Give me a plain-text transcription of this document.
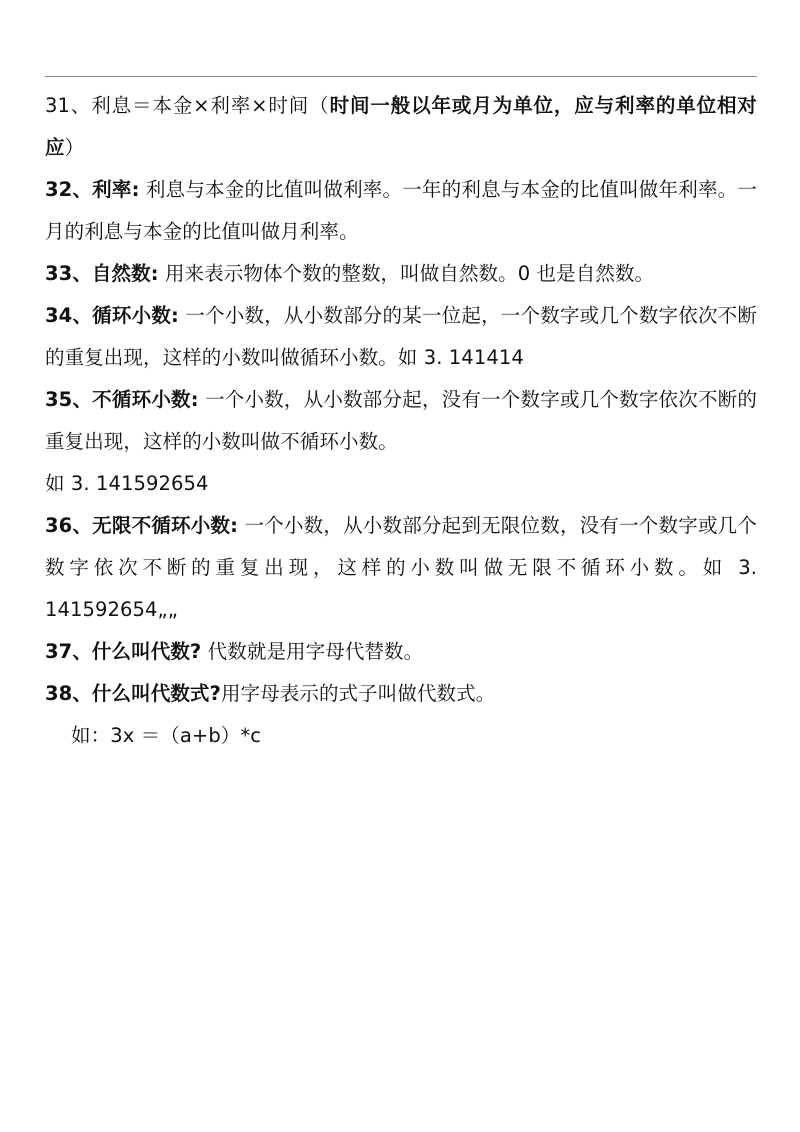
31、利息＝本金×利率×时间（时间一般以年或月为单位，应与利率的单位相对应）

32、利率: 利息与本金的比值叫做利率。一年的利息与本金的比值叫做年利率。一月的利息与本金的比值叫做月利率。

33、自然数: 用来表示物体个数的整数，叫做自然数。0 也是自然数。

34、循环小数: 一个小数，从小数部分的某一位起，一个数字或几个数字依次不断的重复出现，这样的小数叫做循环小数。如 3. 141414

35、不循环小数: 一个小数，从小数部分起，没有一个数字或几个数字依次不断的重复出现，这样的小数叫做不循环小数。

如 3. 141592654

36、无限不循环小数: 一个小数，从小数部分起到无限位数，没有一个数字或几个数字依次不断的重复出现，这样的小数叫做无限不循环小数。如 3. 141592654„„

37、什么叫代数? 代数就是用字母代替数。

38、什么叫代数式?用字母表示的式子叫做代数式。

如：3x ＝（a+b）*c
